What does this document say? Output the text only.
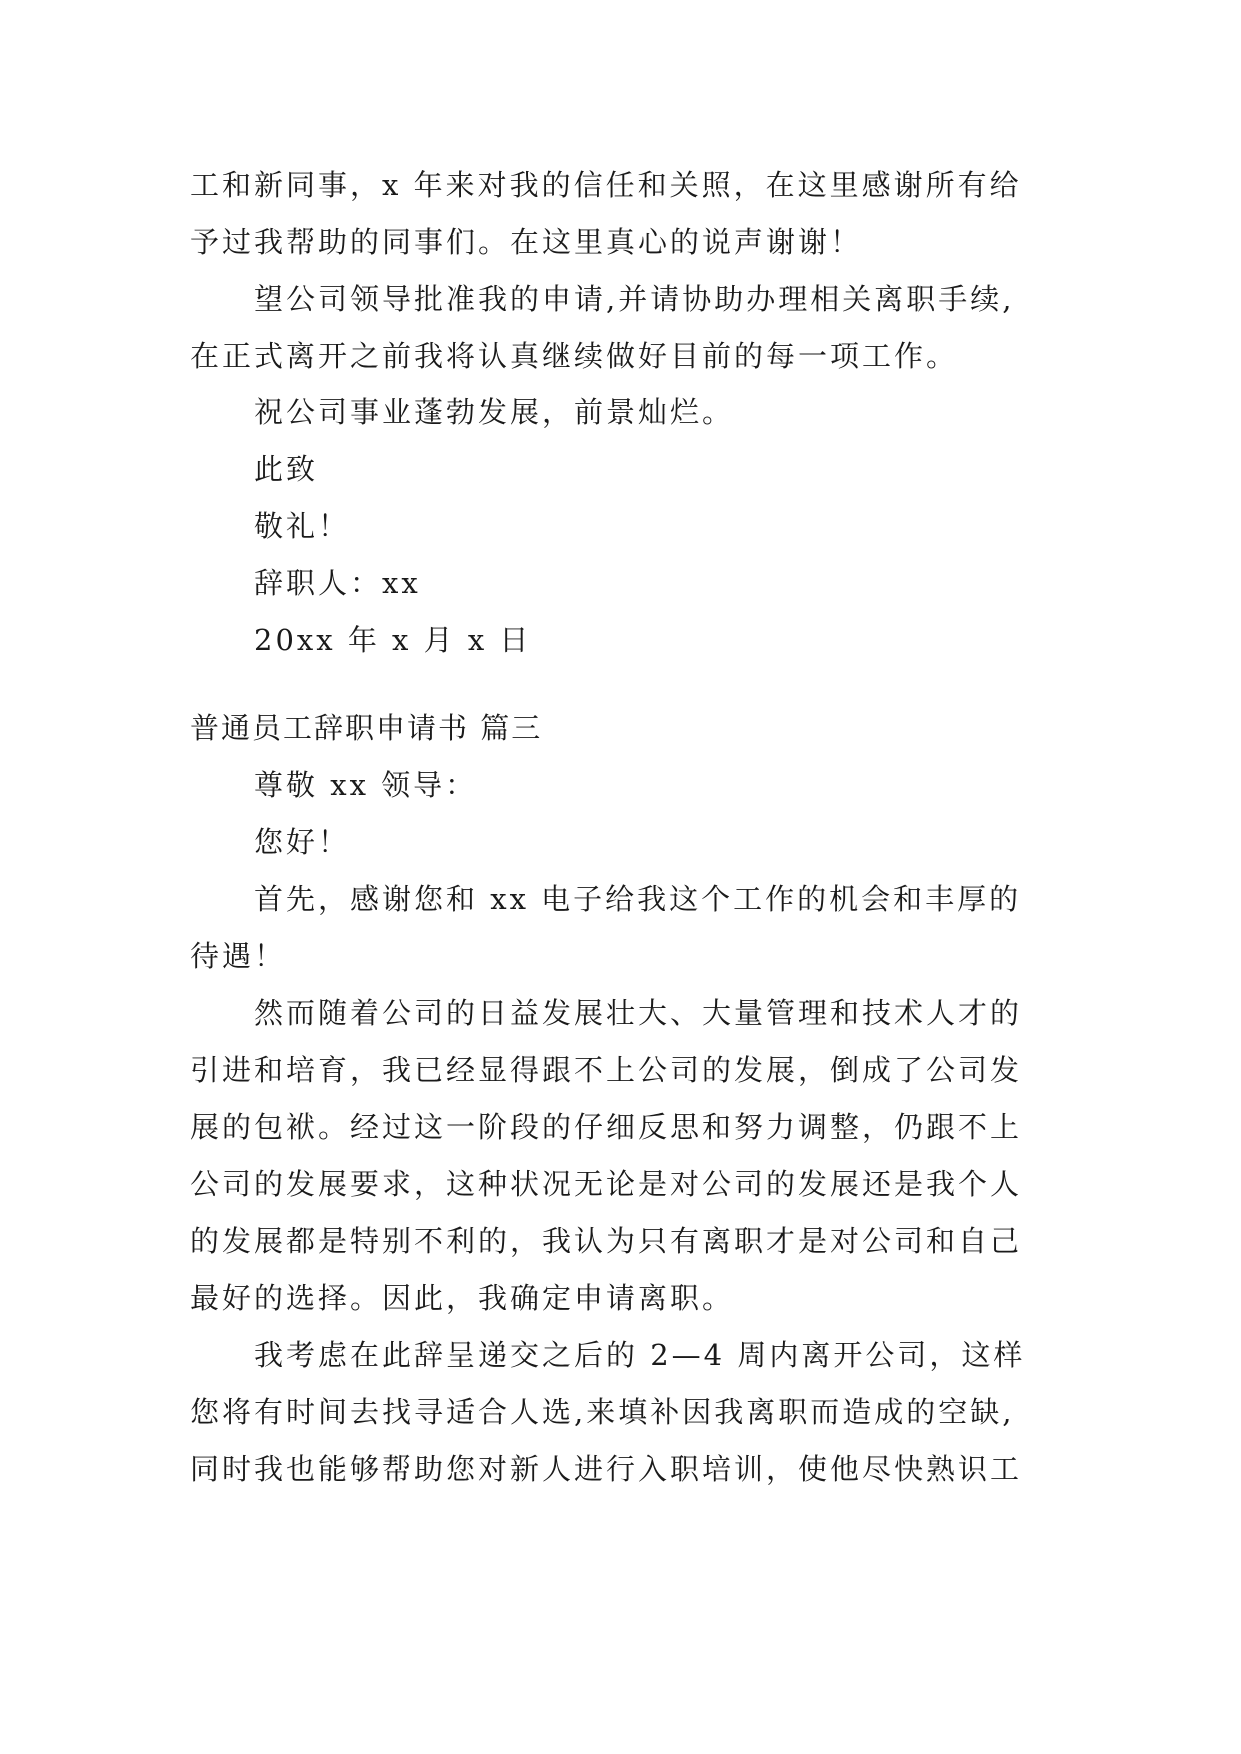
工和新同事，x 年来对我的信任和关照，在这里感谢所有给
予过我帮助的同事们。在这里真心的说声谢谢！
望公司领导批准我的申请,并请协助办理相关离职手续,
在正式离开之前我将认真继续做好目前的每一项工作。
祝公司事业蓬勃发展，前景灿烂。
此致
敬礼！
辞职人：xx
20xx 年 x 月 x 日
普通员工辞职申请书 篇三
尊敬 xx 领导：
您好！
首先，感谢您和 xx 电子给我这个工作的机会和丰厚的
待遇！
然而随着公司的日益发展壮大、大量管理和技术人才的
引进和培育，我已经显得跟不上公司的发展，倒成了公司发
展的包袱。经过这一阶段的仔细反思和努力调整，仍跟不上
公司的发展要求，这种状况无论是对公司的发展还是我个人
的发展都是特别不利的，我认为只有离职才是对公司和自己
最好的选择。因此，我确定申请离职。
我考虑在此辞呈递交之后的 2—4 周内离开公司，这样
您将有时间去找寻适合人选,来填补因我离职而造成的空缺,
同时我也能够帮助您对新人进行入职培训，使他尽快熟识工
